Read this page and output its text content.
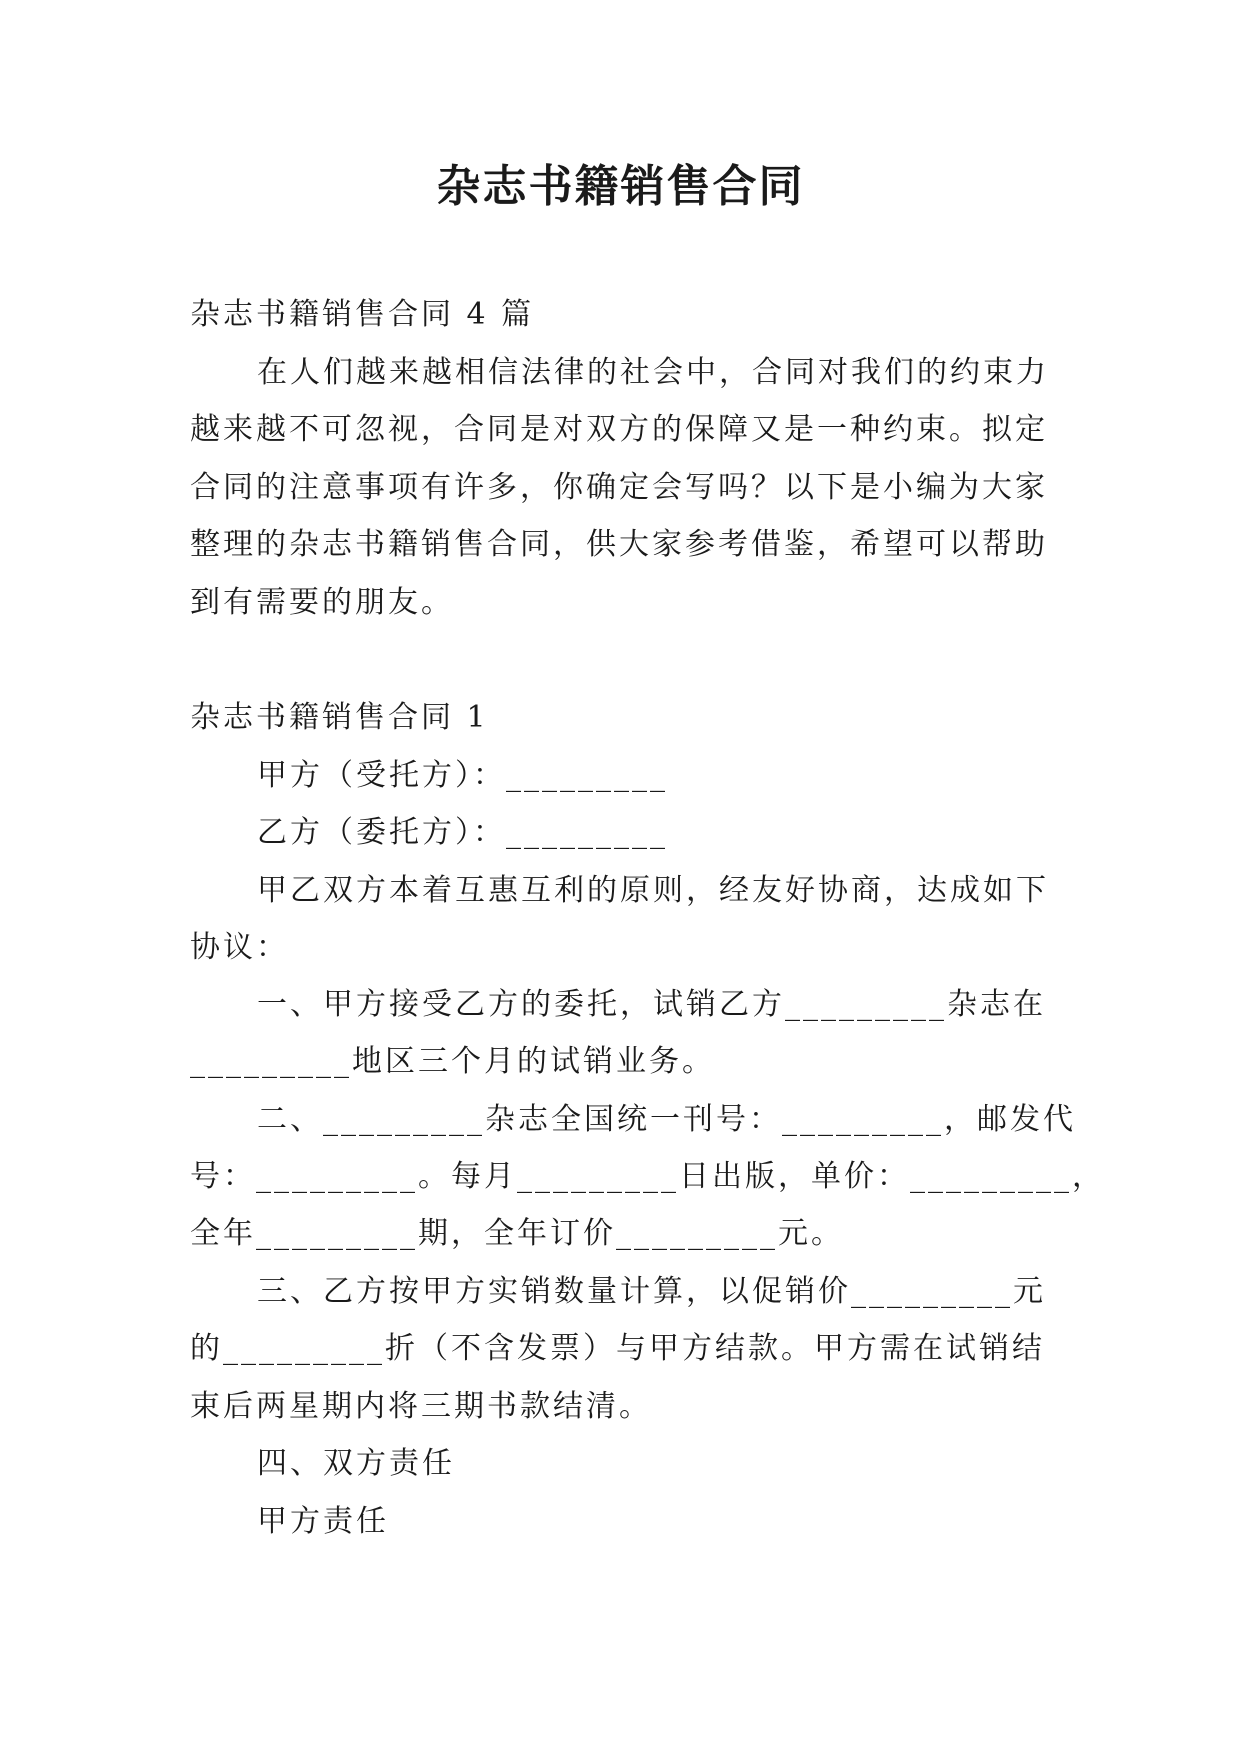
杂志书籍销售合同
杂志书籍销售合同 4 篇
在人们越来越相信法律的社会中，合同对我们的约束力
越来越不可忽视，合同是对双方的保障又是一种约束。拟定
合同的注意事项有许多，你确定会写吗？以下是小编为大家
整理的杂志书籍销售合同，供大家参考借鉴，希望可以帮助
到有需要的朋友。
杂志书籍销售合同 1
甲方（受托方）：_________
乙方（委托方）：_________
甲乙双方本着互惠互利的原则，经友好协商，达成如下
协议：
一、甲方接受乙方的委托，试销乙方_________杂志在
_________地区三个月的试销业务。
二、_________杂志全国统一刊号：_________，邮发代
号：_________。每月_________日出版，单价：_________，
全年_________期，全年订价_________元。
三、乙方按甲方实销数量计算，以促销价_________元
的_________折（不含发票）与甲方结款。甲方需在试销结
束后两星期内将三期书款结清。
四、双方责任
甲方责任
